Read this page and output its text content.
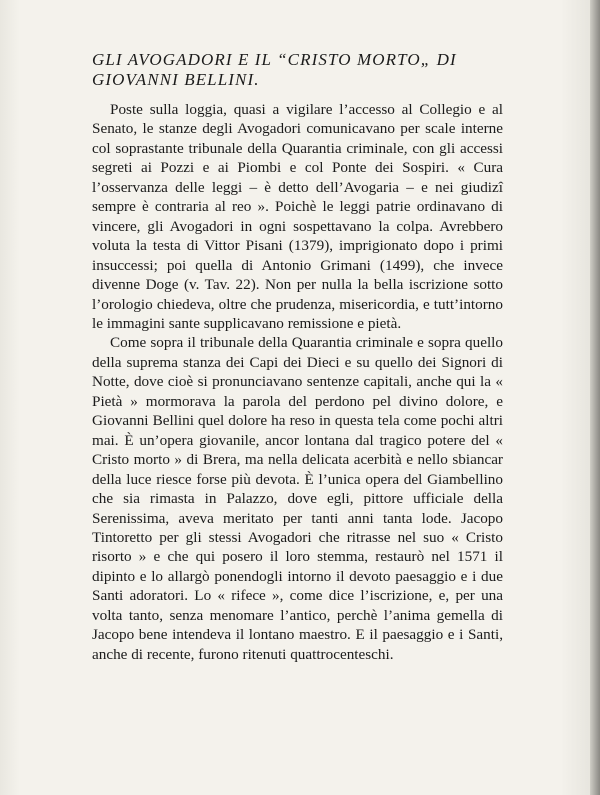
GLI AVOGADORI E IL “CRISTO MORTO„ DI
GIOVANNI BELLINI.

Poste sulla loggia, quasi a vigilare l’accesso al Collegio e al Senato, le stanze degli Avogadori comunicavano per scale interne col soprastante tribunale della Quarantia criminale, con gli accessi segreti ai Pozzi e ai Piombi e col Ponte dei Sospiri. « Cura l’osservanza delle leggi – è detto dell’Avogaria – e nei giudizî sempre è contraria al reo ». Poichè le leggi patrie ordinavano di vincere, gli Avogadori in ogni sospettavano la colpa. Avrebbero voluta la testa di Vittor Pisani (1379), imprigionato dopo i primi insuccessi; poi quella di Antonio Grimani (1499), che invece divenne Doge (v. Tav. 22). Non per nulla la bella iscrizione sotto l’orologio chiedeva, oltre che prudenza, misericordia, e tutt’intorno le immagini sante supplicavano remissione e pietà.

Come sopra il tribunale della Quarantia criminale e sopra quello della suprema stanza dei Capi dei Dieci e su quello dei Signori di Notte, dove cioè si pronunciavano sentenze capitali, anche qui la « Pietà » mormorava la parola del perdono pel divino dolore, e Giovanni Bellini quel dolore ha reso in questa tela come pochi altri mai. È un’opera giovanile, ancor lontana dal tragico potere del « Cristo morto » di Brera, ma nella delicata acerbità e nello sbiancar della luce riesce forse più devota. È l’unica opera del Giambellino che sia rimasta in Palazzo, dove egli, pittore ufficiale della Serenissima, aveva meritato per tanti anni tanta lode. Jacopo Tintoretto per gli stessi Avogadori che ritrasse nel suo « Cristo risorto » e che qui posero il loro stemma, restaurò nel 1571 il dipinto e lo allargò ponendogli intorno il devoto paesaggio e i due Santi adoratori. Lo « rifece », come dice l’iscrizione, e, per una volta tanto, senza menomare l’antico, perchè l’anima gemella di Jacopo bene intendeva il lontano maestro. E il paesaggio e i Santi, anche di recente, furono ritenuti quattrocenteschi.
